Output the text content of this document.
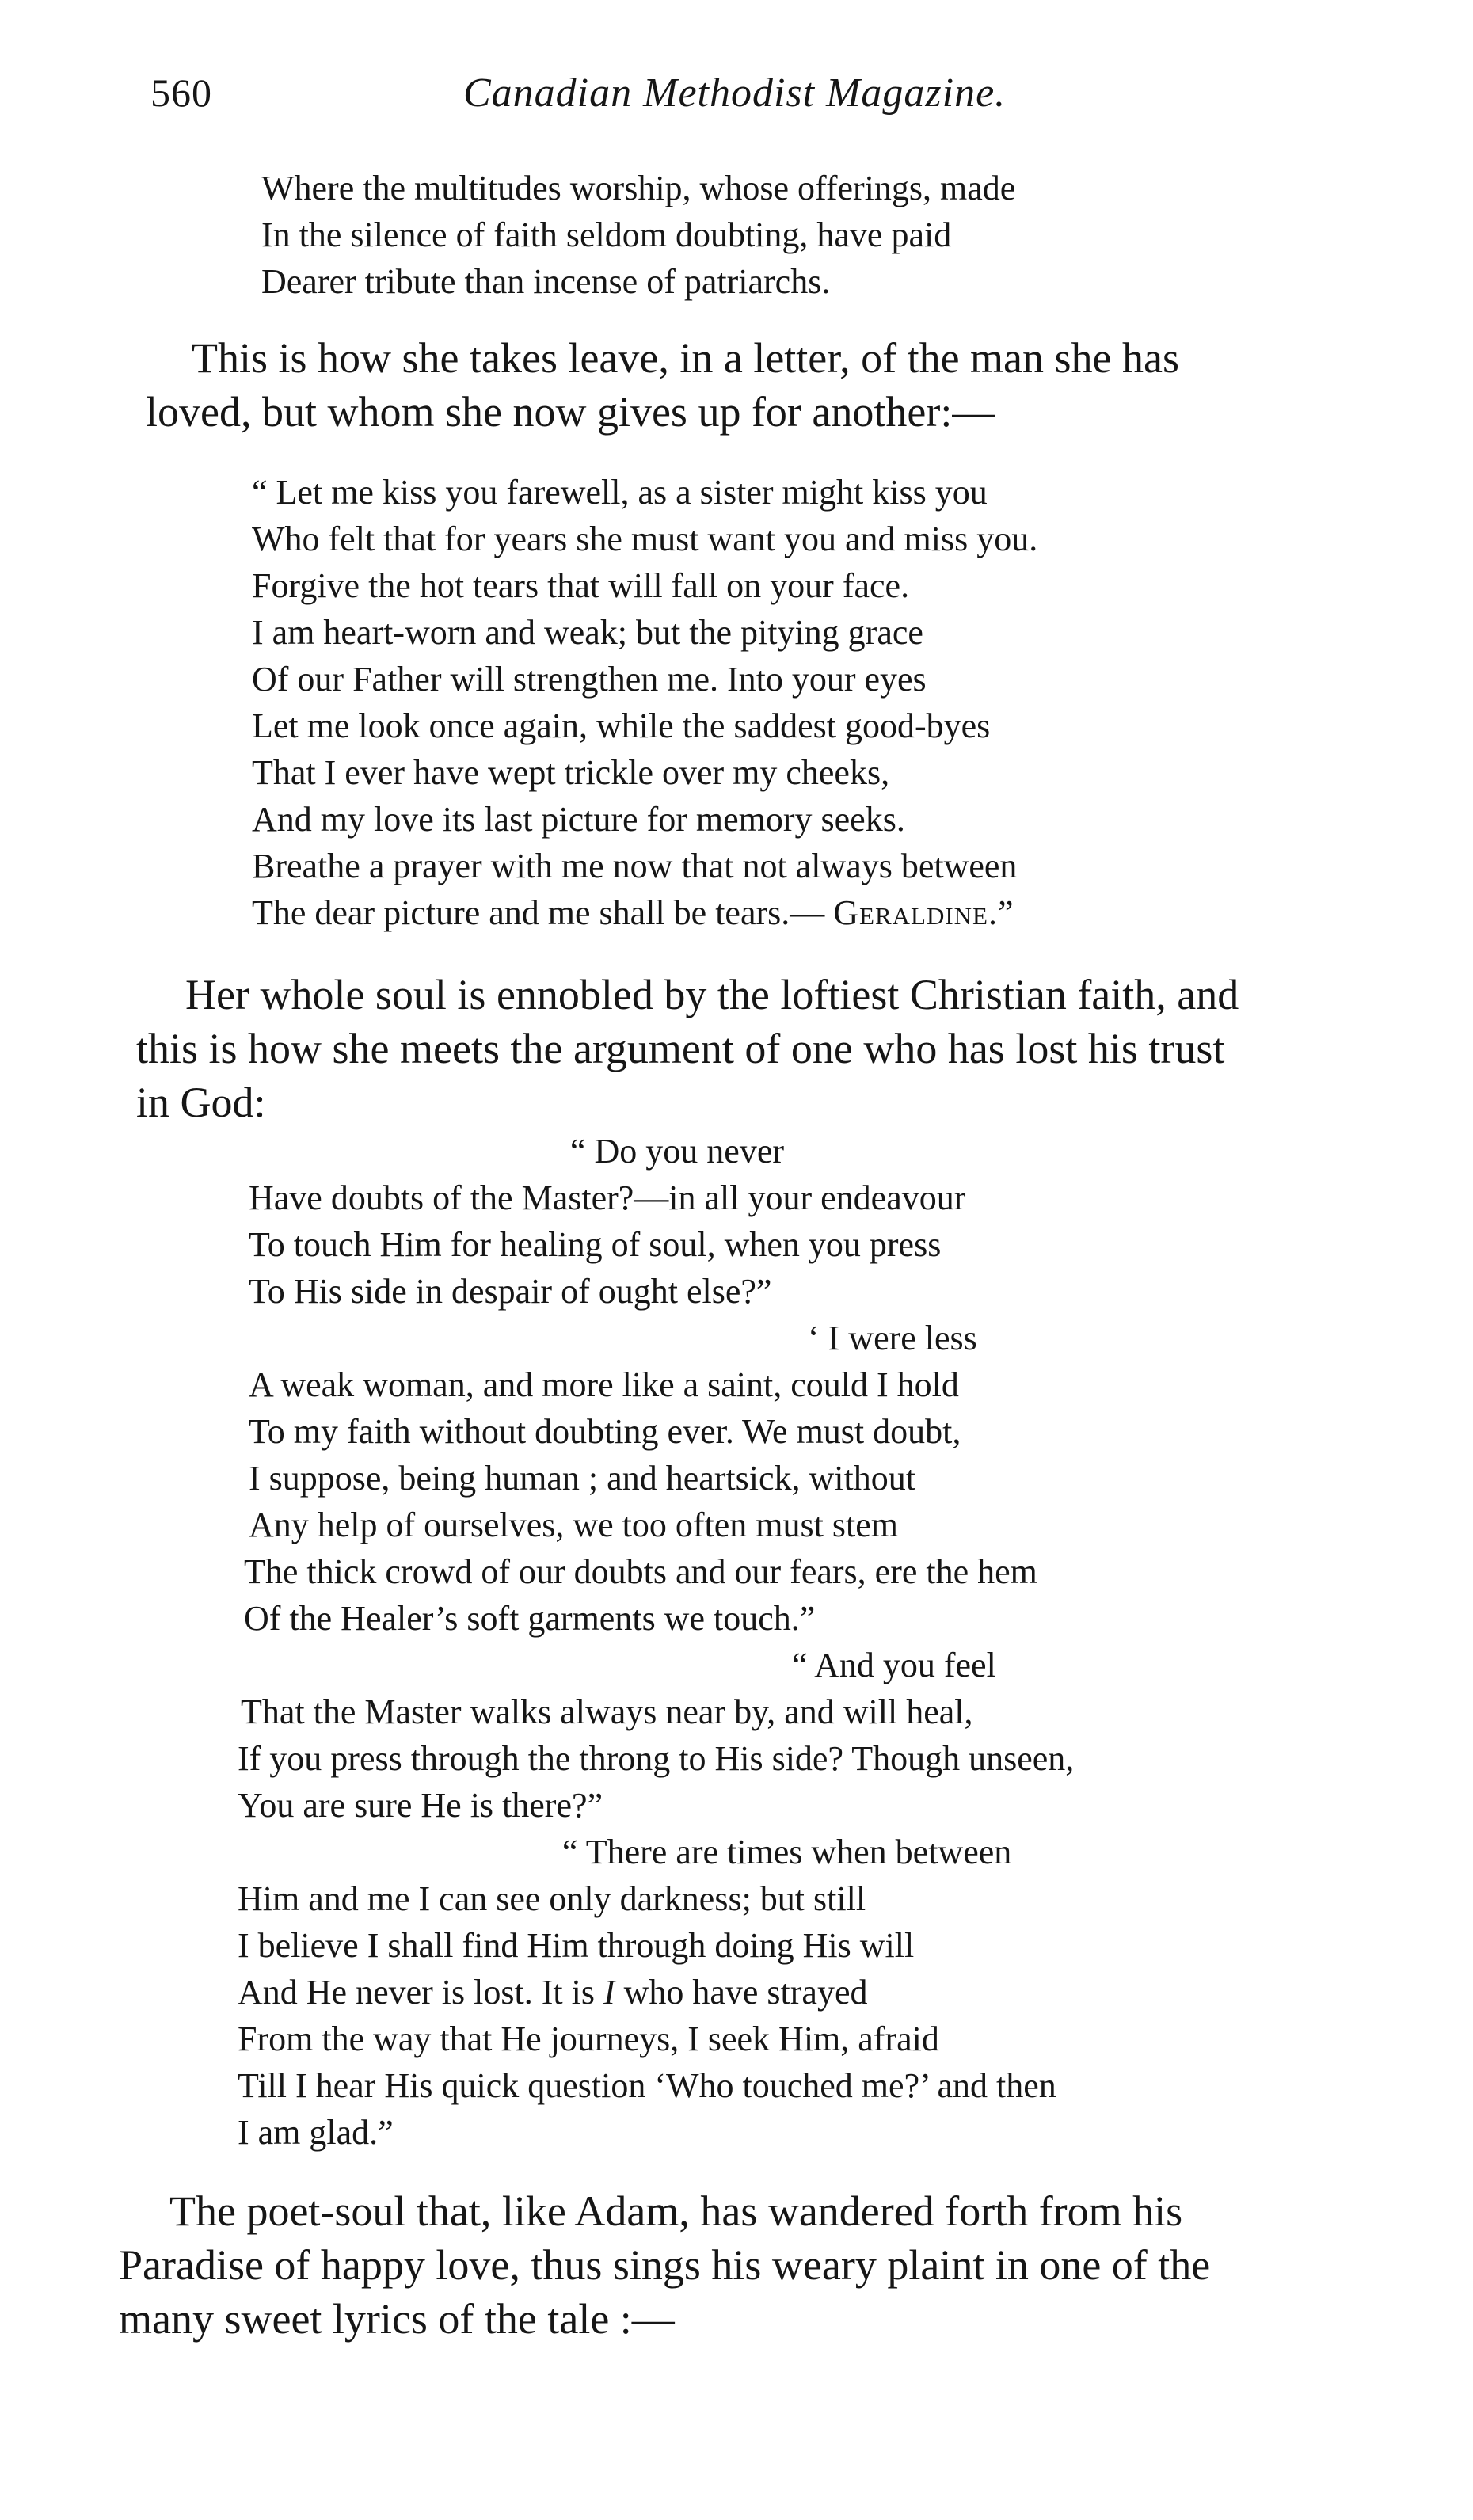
560	Canadian Methodist Magazine.
Where the multitudes worship, whose offerings, made
In the silence of faith seldom doubting, have paid
Dearer tribute than incense of patriarchs.
This is how she takes leave, in a letter, of the man she has
loved, but whom she now gives up for another:—
“ Let me kiss you farewell, as a sister might kiss you
Who felt that for years she must want you and miss you.
Forgive the hot tears that will fall on your face.
I am heart-worn and weak; but the pitying grace
Of our Father will strengthen me. Into your eyes
Let me look once again, while the saddest good-byes
That I ever have wept trickle over my cheeks,
And my love its last picture for memory seeks.
Breathe a prayer with me now that not always between
The dear picture and me shall be tears.— Geraldine.”
Her whole soul is ennobled by the loftiest Christian faith, and
this is how she meets the argument of one who has lost his trust
in God:
“ Do you never
Have doubts of the Master?—in all your endeavour
To touch Him for healing of soul, when you press
To His side in despair of ought else?”
‘ I were less
A weak woman, and more like a saint, could I hold
To my faith without doubting ever. We must doubt,
I suppose, being human ; and heartsick, without
Any help of ourselves, we too often must stem
The thick crowd of our doubts and our fears, ere the hem
Of the Healer’s soft garments we touch.”
“ And you feel
That the Master walks always near by, and will heal,
If you press through the throng to His side? Though unseen,
You are sure He is there?”
“ There are times when between
Him and me I can see only darkness; but still
I believe I shall find Him through doing His will
And He never is lost. It is I who have strayed
From the way that He journeys, I seek Him, afraid
Till I hear His quick question ‘Who touched me?’ and then
I am glad.”
The poet-soul that, like Adam, has wandered forth from his
Paradise of happy love, thus sings his weary plaint in one of the
many sweet lyrics of the tale :—
